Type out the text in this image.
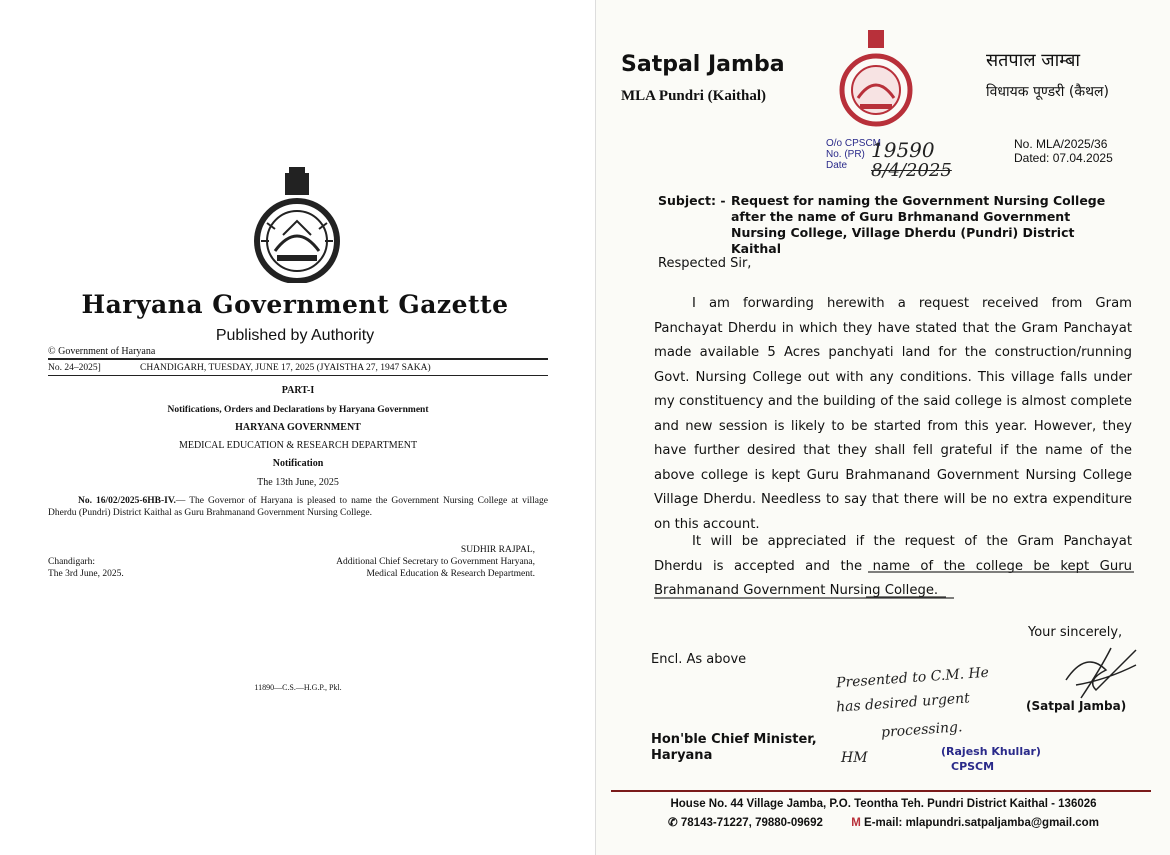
Haryana Government Gazette
Published by Authority
© Government of Haryana
No. 24–2025]	CHANDIGARH, TUESDAY, JUNE 17, 2025 (JYAISTHA 27, 1947 SAKA)
PART-I
Notifications, Orders and Declarations by Haryana Government
HARYANA GOVERNMENT
MEDICAL EDUCATION & RESEARCH DEPARTMENT
Notification
The 13th June, 2025
No. 16/02/2025-6HB-IV.— The Governor of Haryana is pleased to name the Government Nursing College at village Dherdu (Pundri) District Kaithal as Guru Brahmanand Government Nursing College.
SUDHIR RAJPAL,
Additional Chief Secretary to Government Haryana,
Medical Education & Research Department.
Chandigarh:
The 3rd June, 2025.
11890—C.S.—H.G.P., Pkl.
Satpal Jamba
MLA Pundri (Kaithal)
सतपाल जाम्बा
विधायक पूण्डरी (कैथल)
O/o CPSCM
No. (PR)
Date
19590
8/4/2025
No. MLA/2025/36
Dated: 07.04.2025
Subject: - Request for naming the Government Nursing College after the name of Guru Brhmanand Government Nursing College, Village Dherdu (Pundri) District Kaithal
Respected Sir,

I am forwarding herewith a request received from Gram Panchayat Dherdu in which they have stated that the Gram Panchayat made available 5 Acres panchyati land for the construction/running Govt. Nursing College out with any conditions. This village falls under my constituency and the building of the said college is almost complete and new session is likely to be started from this year. However, they have further desired that they shall fell grateful if the name of the above college is kept Guru Brahmanand Government Nursing College Village Dherdu. Needless to say that there will be no extra expenditure on this account.

It will be appreciated if the request of the Gram Panchayat Dherdu is accepted and the name of the college be kept Guru Brahmanand Government Nursing College.

Your sincerely,
Encl. As above
(Satpal Jamba)
Presented to C.M. He
has desired urgent
processing.
HM	(Rajesh Khullar)
CPSCM
Hon'ble Chief Minister,
Haryana
House No. 44 Village Jamba, P.O. Teontha Teh. Pundri District Kaithal - 136026
✆ 78143-71227, 79880-09692 M E-mail: mlapundri.satpaljamba@gmail.com
